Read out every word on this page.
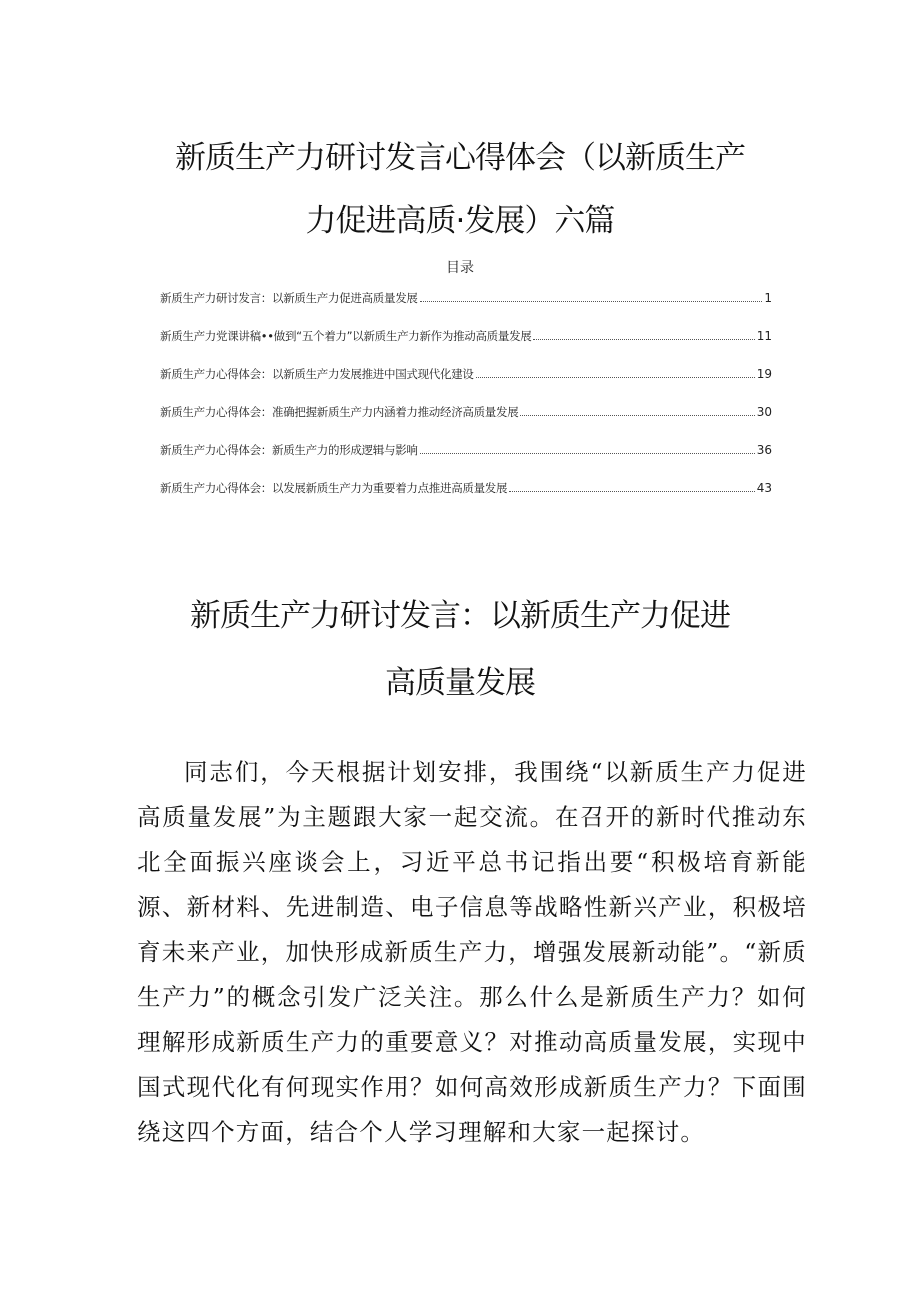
新质生产力研讨发言心得体会（以新质生产
力促进高质·发展）六篇
目录
新质生产力研讨发言：以新质生产力促进高质量发展	1
新质生产力党课讲稿••做到“五个着力”以新质生产力新作为推动高质量发展	11
新质生产力心得体会：以新质生产力发展推进中国式现代化建设	19
新质生产力心得体会：准确把握新质生产力内涵着力推动经济高质量发展	30
新质生产力心得体会：新质生产力的形成逻辑与影响	36
新质生产力心得体会：以发展新质生产力为重要着力点推进高质量发展	43
新质生产力研讨发言：以新质生产力促进
高质量发展

同志们，今天根据计划安排，我围绕“以新质生产力促进高质量发展”为主题跟大家一起交流。在召开的新时代推动东北全面振兴座谈会上，习近平总书记指出要“积极培育新能源、新材料、先进制造、电子信息等战略性新兴产业，积极培育未来产业，加快形成新质生产力，增强发展新动能”。“新质生产力”的概念引发广泛关注。那么什么是新质生产力？如何理解形成新质生产力的重要意义？对推动高质量发展，实现中国式现代化有何现实作用？如何高效形成新质生产力？下面围绕这四个方面，结合个人学习理解和大家一起探讨。
